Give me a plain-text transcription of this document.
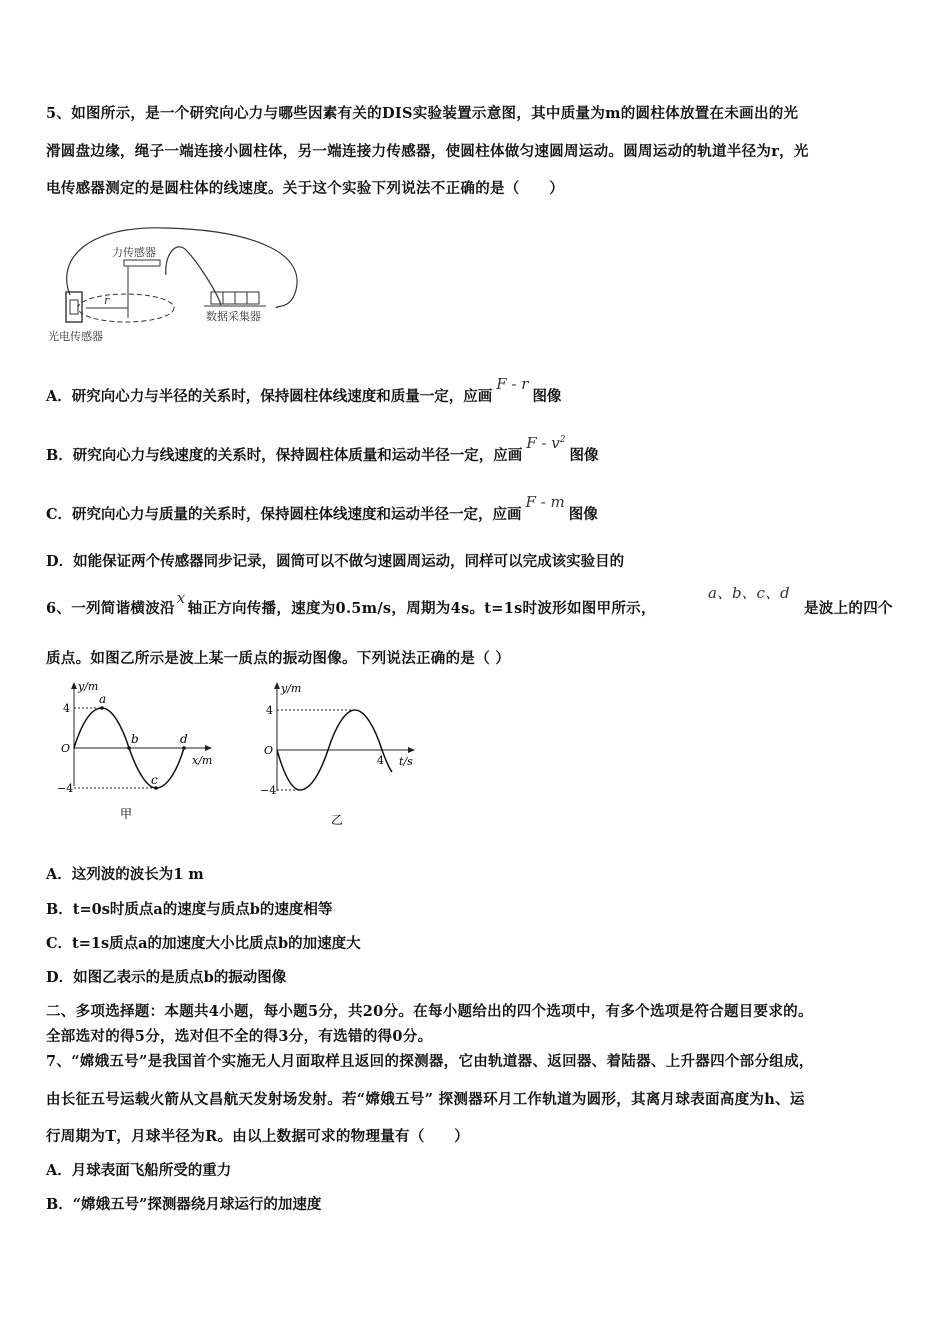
5、如图所示，是一个研究向心力与哪些因素有关的DIS实验装置示意图，其中质量为m的圆柱体放置在未画出的光
滑圆盘边缘，绳子一端连接小圆柱体，另一端连接力传感器，使圆柱体做匀速圆周运动。圆周运动的轨道半径为r，光
电传感器测定的是圆柱体的线速度。关于这个实验下列说法不正确的是（　　）
力传感器
r
光电传感器
数据采集器
A．研究向心力与半径的关系时，保持圆柱体线速度和质量一定，应画F - r图像
B．研究向心力与线速度的关系时，保持圆柱体质量和运动半径一定，应画F - $v^2$图像
C．研究向心力与质量的关系时，保持圆柱体线速度和运动半径一定，应画F - m图像
D．如能保证两个传感器同步记录，圆筒可以不做匀速圆周运动，同样可以完成该实验目的
6、一列简谐横波沿x轴正方向传播，速度为0.5m/s，周期为4s。t=1s时波形如图甲所示，
a、b、c、d
是波上的四个
质点。如图乙所示是波上某一质点的振动图像。下列说法正确的是（ ）
y/m
x/m
4
−4
O
a
b
c
d
甲
y/m
t/s
4
−4
O
4
乙
A．这列波的波长为1 m
B．t=0s时质点a的速度与质点b的速度相等
C．t=1s质点a的加速度大小比质点b的加速度大
D．如图乙表示的是质点b的振动图像
二、多项选择题：本题共4小题，每小题5分，共20分。在每小题给出的四个选项中，有多个选项是符合题目要求的。
全部选对的得5分，选对但不全的得3分，有选错的得0分。
7、“嫦娥五号”是我国首个实施无人月面取样且返回的探测器，它由轨道器、返回器、着陆器、上升器四个部分组成，
由长征五号运载火箭从文昌航天发射场发射。若“嫦娥五号” 探测器环月工作轨道为圆形，其离月球表面高度为h、运
行周期为T，月球半径为R。由以上数据可求的物理量有（　　）
A．月球表面飞船所受的重力
B．“嫦娥五号”探测器绕月球运行的加速度
